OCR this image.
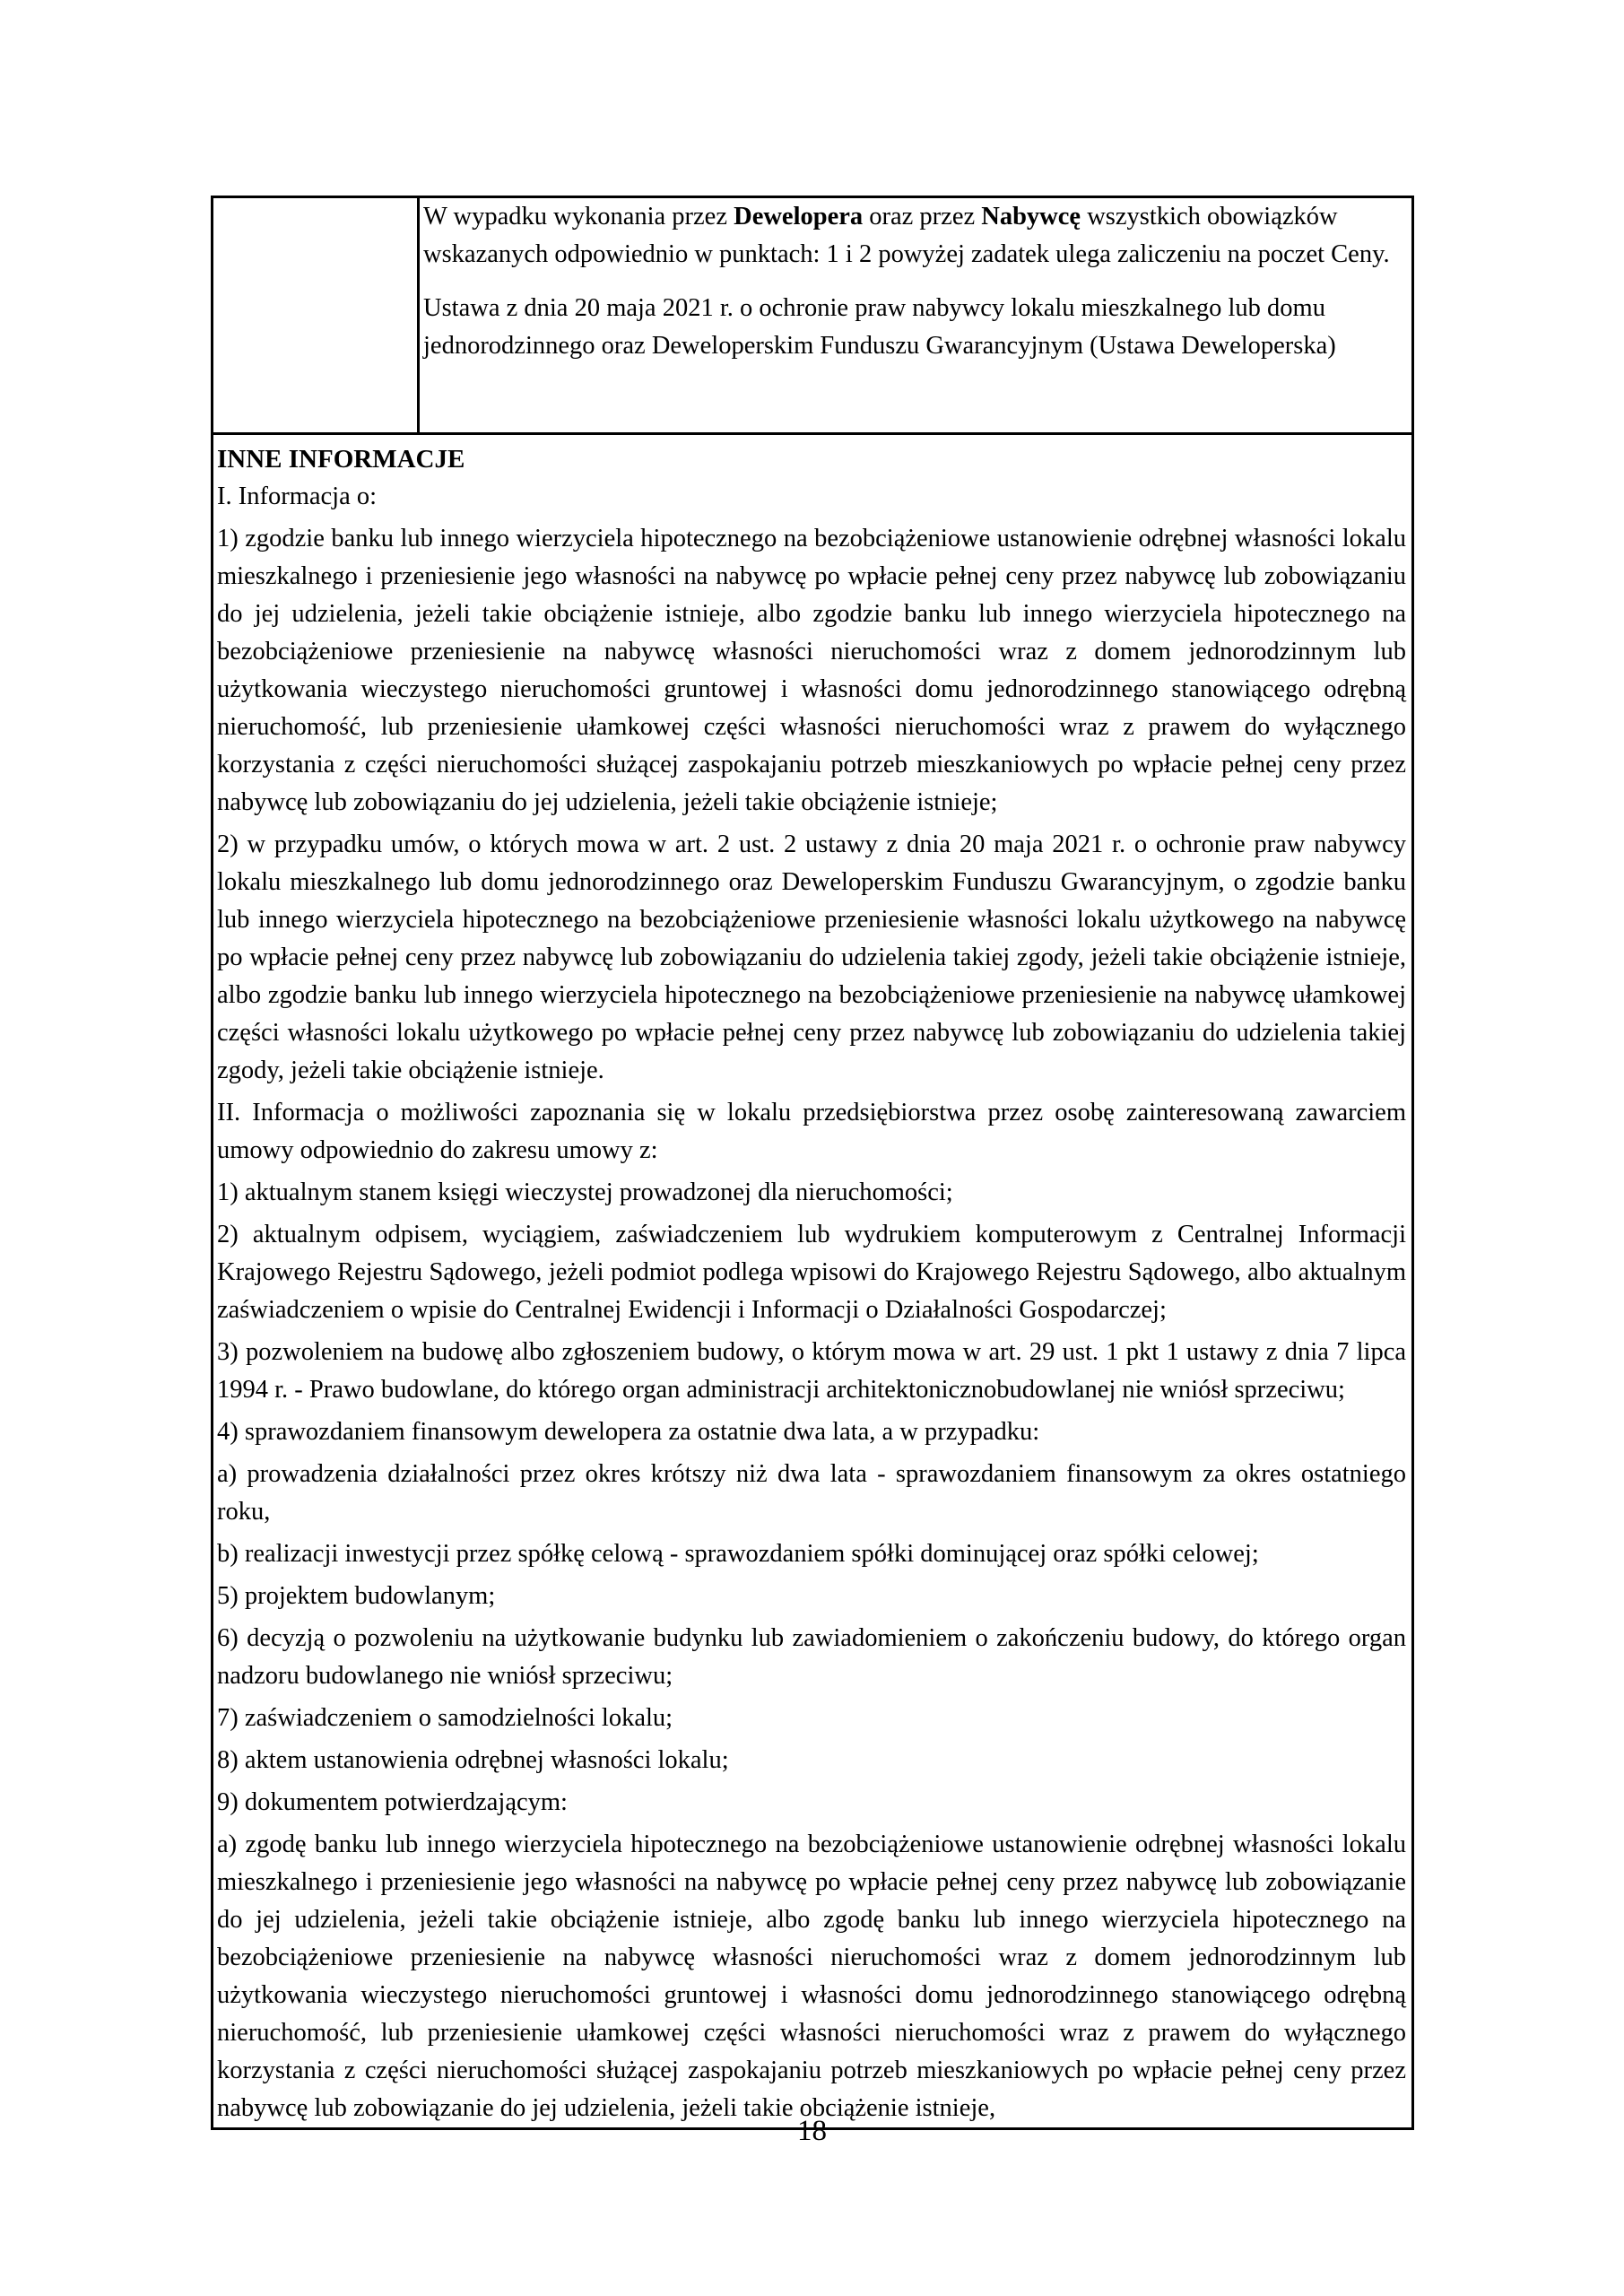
W wypadku wykonania przez Dewelopera oraz przez Nabywcę wszystkich obowiązków wskazanych odpowiednio w punktach: 1 i 2 powyżej zadatek ulega zaliczeniu na poczet Ceny.

Ustawa z dnia 20 maja 2021 r. o ochronie praw nabywcy lokalu mieszkalnego lub domu jednorodzinnego oraz Deweloperskim Funduszu Gwarancyjnym (Ustawa Deweloperska)

INNE INFORMACJE

I. Informacja o:

1) zgodzie banku lub innego wierzyciela hipotecznego na bezobciążeniowe ustanowienie odrębnej własności lokalu mieszkalnego i przeniesienie jego własności na nabywcę po wpłacie pełnej ceny przez nabywcę lub zobowiązaniu do jej udzielenia, jeżeli takie obciążenie istnieje, albo zgodzie banku lub innego wierzyciela hipotecznego na bezobciążeniowe przeniesienie na nabywcę własności nieruchomości wraz z domem jednorodzinnym lub użytkowania wieczystego nieruchomości gruntowej i własności domu jednorodzinnego stanowiącego odrębną nieruchomość, lub przeniesienie ułamkowej części własności nieruchomości wraz z prawem do wyłącznego korzystania z części nieruchomości służącej zaspokajaniu potrzeb mieszkaniowych po wpłacie pełnej ceny przez nabywcę lub zobowiązaniu do jej udzielenia, jeżeli takie obciążenie istnieje;

2) w przypadku umów, o których mowa w art. 2 ust. 2 ustawy z dnia 20 maja 2021 r. o ochronie praw nabywcy lokalu mieszkalnego lub domu jednorodzinnego oraz Deweloperskim Funduszu Gwarancyjnym, o zgodzie banku lub innego wierzyciela hipotecznego na bezobciążeniowe przeniesienie własności lokalu użytkowego na nabywcę po wpłacie pełnej ceny przez nabywcę lub zobowiązaniu do udzielenia takiej zgody, jeżeli takie obciążenie istnieje, albo zgodzie banku lub innego wierzyciela hipotecznego na bezobciążeniowe przeniesienie na nabywcę ułamkowej części własności lokalu użytkowego po wpłacie pełnej ceny przez nabywcę lub zobowiązaniu do udzielenia takiej zgody, jeżeli takie obciążenie istnieje.

II. Informacja o możliwości zapoznania się w lokalu przedsiębiorstwa przez osobę zainteresowaną zawarciem umowy odpowiednio do zakresu umowy z:

1) aktualnym stanem księgi wieczystej prowadzonej dla nieruchomości;

2) aktualnym odpisem, wyciągiem, zaświadczeniem lub wydrukiem komputerowym z Centralnej Informacji Krajowego Rejestru Sądowego, jeżeli podmiot podlega wpisowi do Krajowego Rejestru Sądowego, albo aktualnym zaświadczeniem o wpisie do Centralnej Ewidencji i Informacji o Działalności Gospodarczej;

3) pozwoleniem na budowę albo zgłoszeniem budowy, o którym mowa w art. 29 ust. 1 pkt 1 ustawy z dnia 7 lipca 1994 r. - Prawo budowlane, do którego organ administracji architektonicznobudowlanej nie wniósł sprzeciwu;

4) sprawozdaniem finansowym dewelopera za ostatnie dwa lata, a w przypadku:

a) prowadzenia działalności przez okres krótszy niż dwa lata - sprawozdaniem finansowym za okres ostatniego roku,

b) realizacji inwestycji przez spółkę celową - sprawozdaniem spółki dominującej oraz spółki celowej;

5) projektem budowlanym;

6) decyzją o pozwoleniu na użytkowanie budynku lub zawiadomieniem o zakończeniu budowy, do którego organ nadzoru budowlanego nie wniósł sprzeciwu;

7) zaświadczeniem o samodzielności lokalu;

8) aktem ustanowienia odrębnej własności lokalu;

9) dokumentem potwierdzającym:

a) zgodę banku lub innego wierzyciela hipotecznego na bezobciążeniowe ustanowienie odrębnej własności lokalu mieszkalnego i przeniesienie jego własności na nabywcę po wpłacie pełnej ceny przez nabywcę lub zobowiązanie do jej udzielenia, jeżeli takie obciążenie istnieje, albo zgodę banku lub innego wierzyciela hipotecznego na bezobciążeniowe przeniesienie na nabywcę własności nieruchomości wraz z domem jednorodzinnym lub użytkowania wieczystego nieruchomości gruntowej i własności domu jednorodzinnego stanowiącego odrębną nieruchomość, lub przeniesienie ułamkowej części własności nieruchomości wraz z prawem do wyłącznego korzystania z części nieruchomości służącej zaspokajaniu potrzeb mieszkaniowych po wpłacie pełnej ceny przez nabywcę lub zobowiązanie do jej udzielenia, jeżeli takie obciążenie istnieje,

18
